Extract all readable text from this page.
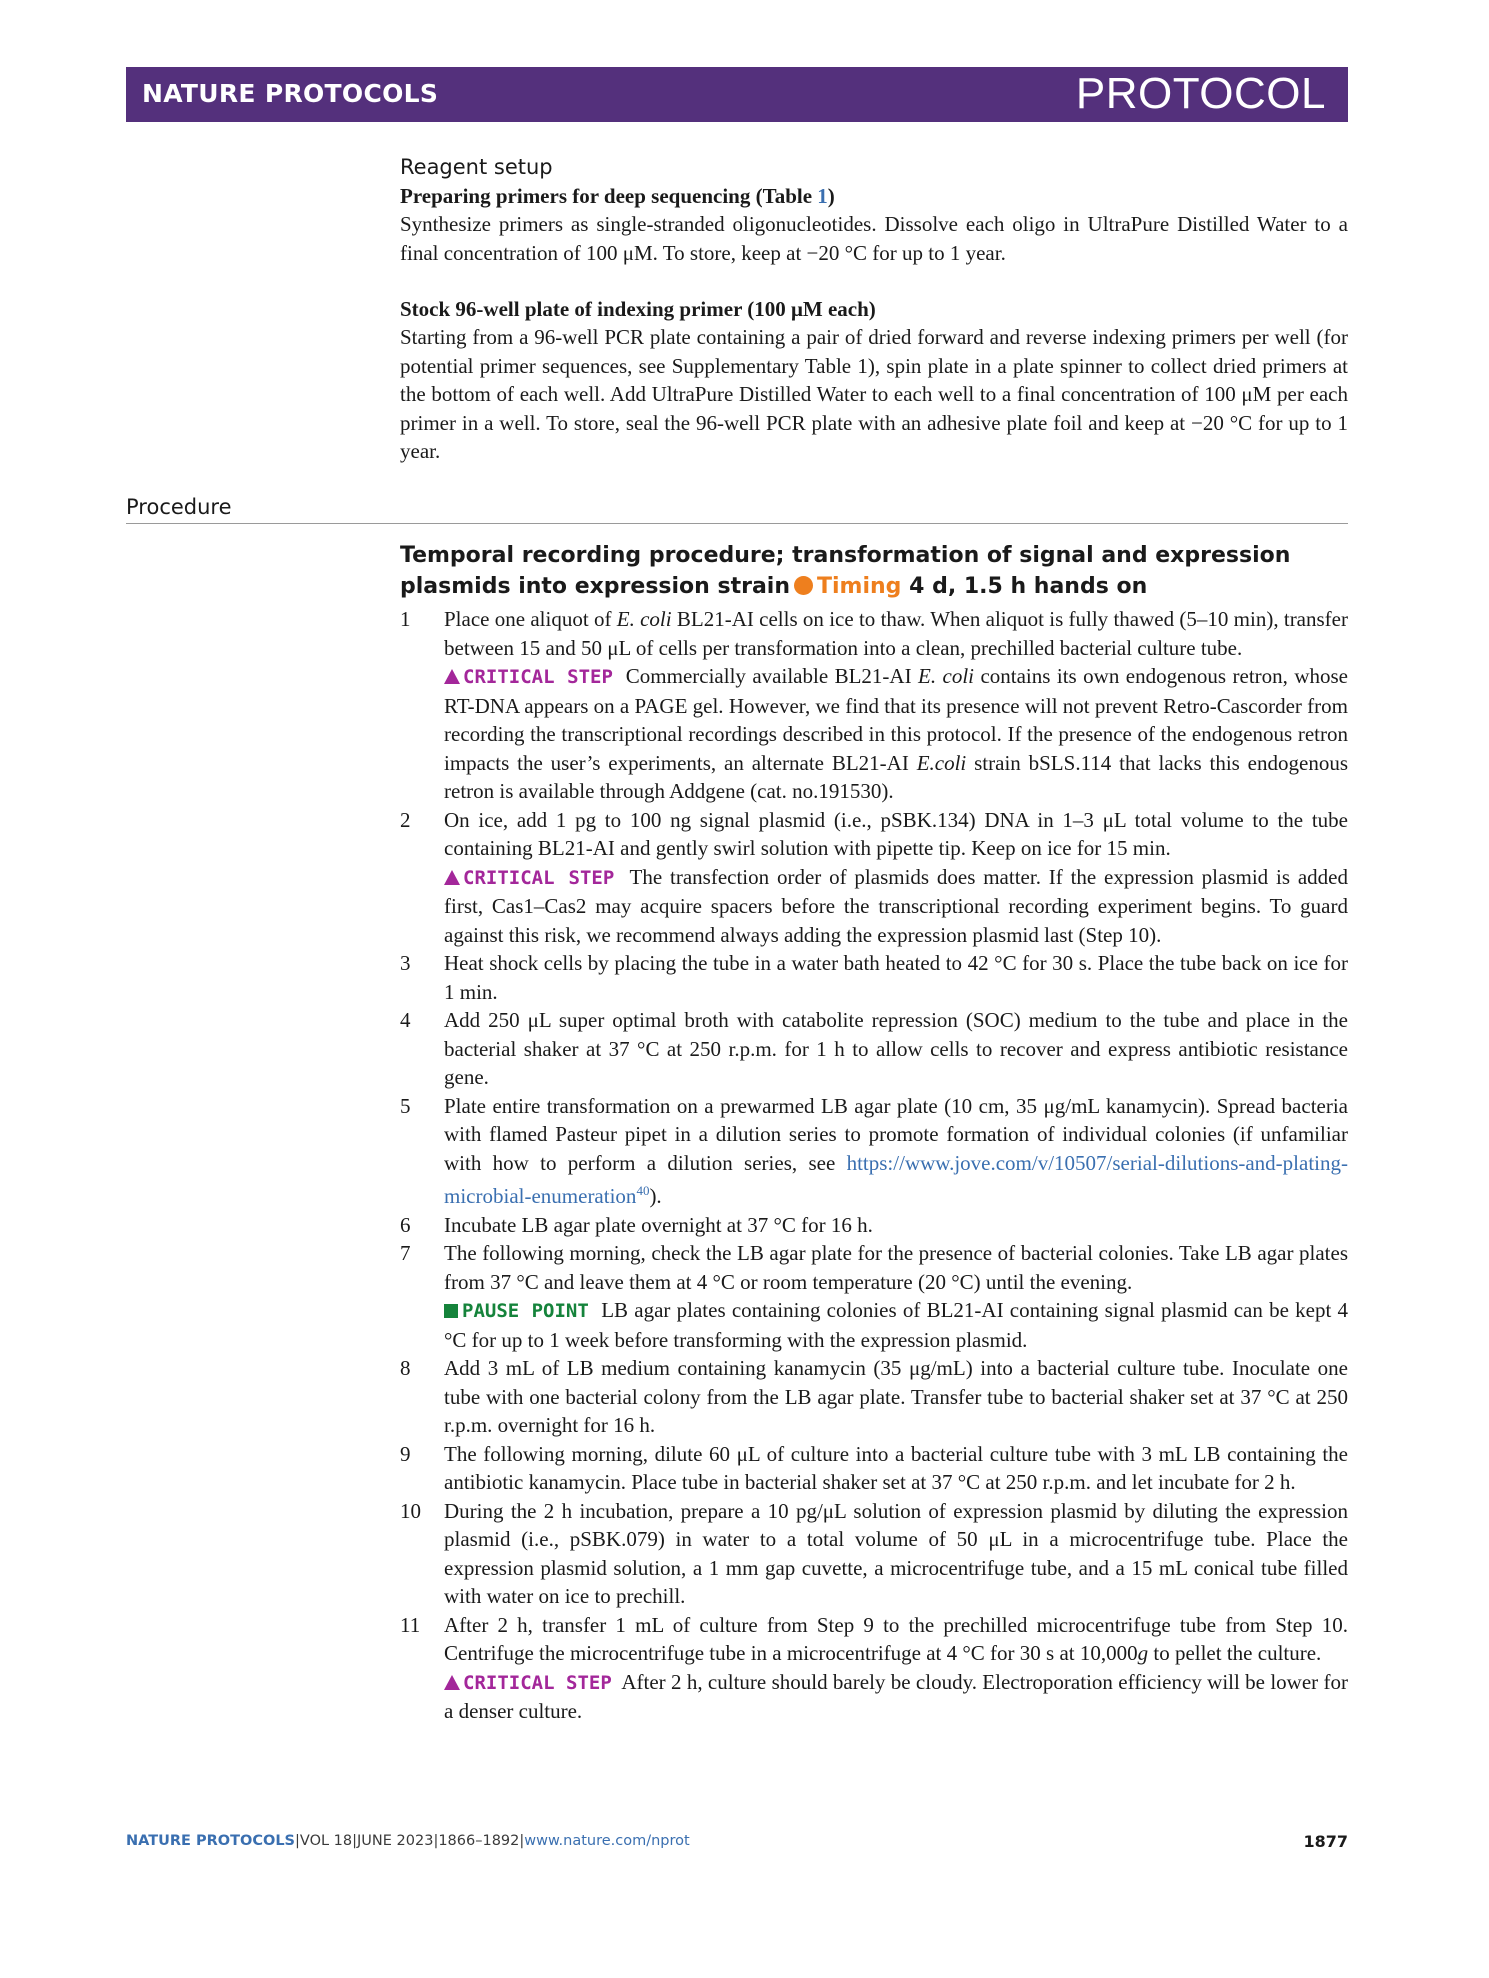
NATURE PROTOCOLS	PROTOCOL
Reagent setup
Preparing primers for deep sequencing (Table 1)
Synthesize primers as single-stranded oligonucleotides. Dissolve each oligo in UltraPure Distilled Water to a final concentration of 100 μM. To store, keep at −20 °C for up to 1 year.
Stock 96-well plate of indexing primer (100 μM each)
Starting from a 96-well PCR plate containing a pair of dried forward and reverse indexing primers per well (for potential primer sequences, see Supplementary Table 1), spin plate in a plate spinner to collect dried primers at the bottom of each well. Add UltraPure Distilled Water to each well to a final concentration of 100 μM per each primer in a well. To store, seal the 96-well PCR plate with an adhesive plate foil and keep at −20 °C for up to 1 year.
Procedure
Temporal recording procedure; transformation of signal and expression plasmids into expression strain Timing 4 d, 1.5 h hands on
1	Place one aliquot of E. coli BL21-AI cells on ice to thaw. When aliquot is fully thawed (5–10 min), transfer between 15 and 50 μL of cells per transformation into a clean, prechilled bacterial culture tube.
CRITICAL STEP Commercially available BL21-AI E. coli contains its own endogenous retron, whose RT-DNA appears on a PAGE gel. However, we find that its presence will not prevent Retro-Cascorder from recording the transcriptional recordings described in this protocol. If the presence of the endogenous retron impacts the user’s experiments, an alternate BL21-AI E.coli strain bSLS.114 that lacks this endogenous retron is available through Addgene (cat. no.191530).
2	On ice, add 1 pg to 100 ng signal plasmid (i.e., pSBK.134) DNA in 1–3 μL total volume to the tube containing BL21-AI and gently swirl solution with pipette tip. Keep on ice for 15 min.
CRITICAL STEP The transfection order of plasmids does matter. If the expression plasmid is added first, Cas1–Cas2 may acquire spacers before the transcriptional recording experiment begins. To guard against this risk, we recommend always adding the expression plasmid last (Step 10).
3	Heat shock cells by placing the tube in a water bath heated to 42 °C for 30 s. Place the tube back on ice for 1 min.
4	Add 250 μL super optimal broth with catabolite repression (SOC) medium to the tube and place in the bacterial shaker at 37 °C at 250 r.p.m. for 1 h to allow cells to recover and express antibiotic resistance gene.
5	Plate entire transformation on a prewarmed LB agar plate (10 cm, 35 μg/mL kanamycin). Spread bacteria with flamed Pasteur pipet in a dilution series to promote formation of individual colonies (if unfamiliar with how to perform a dilution series, see https://www.jove.com/v/10507/serial-dilutions-and-plating-microbial-enumeration$^{40}$).
6	Incubate LB agar plate overnight at 37 °C for 16 h.
7	The following morning, check the LB agar plate for the presence of bacterial colonies. Take LB agar plates from 37 °C and leave them at 4 °C or room temperature (20 °C) until the evening.
PAUSE POINT LB agar plates containing colonies of BL21-AI containing signal plasmid can be kept 4 °C for up to 1 week before transforming with the expression plasmid.
8	Add 3 mL of LB medium containing kanamycin (35 μg/mL) into a bacterial culture tube. Inoculate one tube with one bacterial colony from the LB agar plate. Transfer tube to bacterial shaker set at 37 °C at 250 r.p.m. overnight for 16 h.
9	The following morning, dilute 60 μL of culture into a bacterial culture tube with 3 mL LB containing the antibiotic kanamycin. Place tube in bacterial shaker set at 37 °C at 250 r.p.m. and let incubate for 2 h.
10	During the 2 h incubation, prepare a 10 pg/μL solution of expression plasmid by diluting the expression plasmid (i.e., pSBK.079) in water to a total volume of 50 μL in a microcentrifuge tube. Place the expression plasmid solution, a 1 mm gap cuvette, a microcentrifuge tube, and a 15 mL conical tube filled with water on ice to prechill.
11	After 2 h, transfer 1 mL of culture from Step 9 to the prechilled microcentrifuge tube from Step 10. Centrifuge the microcentrifuge tube in a microcentrifuge at 4 °C for 30 s at 10,000g to pellet the culture.
CRITICAL STEP After 2 h, culture should barely be cloudy. Electroporation efficiency will be lower for a denser culture.
NATURE PROTOCOLS|VOL 18|JUNE 2023|1866–1892|www.nature.com/nprot	1877
